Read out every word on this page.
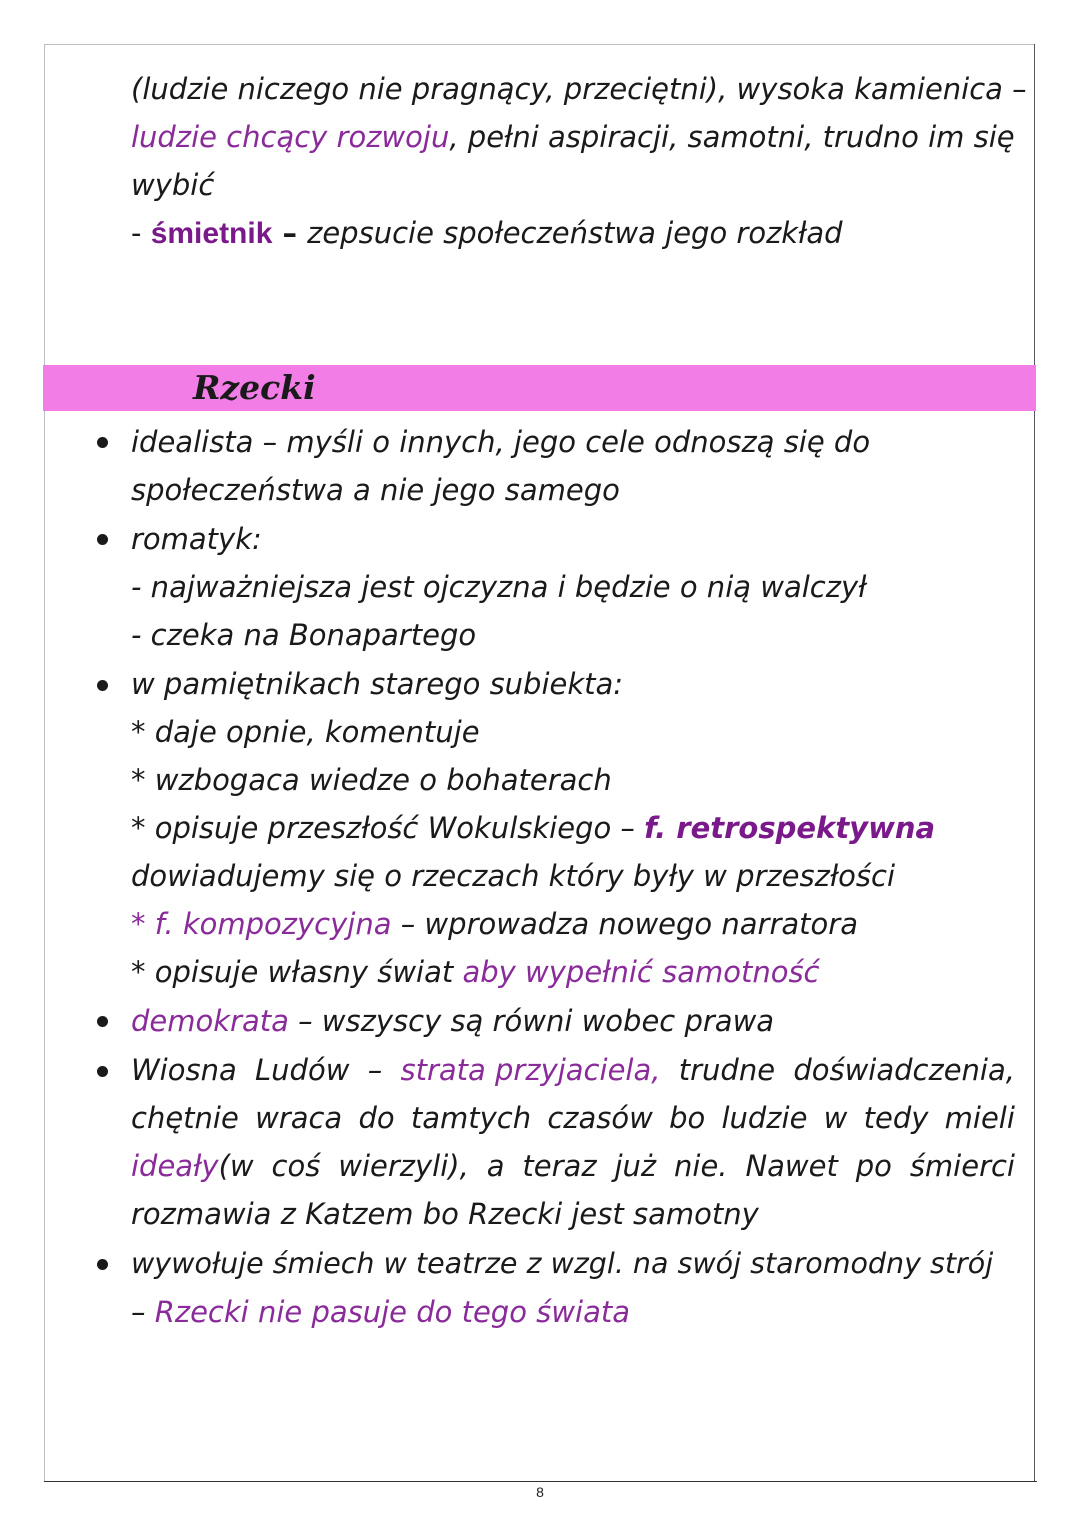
(ludzie niczego nie pragnący, przeciętni), wysoka kamienica –
ludzie chcący rozwoju, pełni aspiracji, samotni, trudno im się
wybić
- śmietnik – zepsucie społeczeństwa jego rozkład
Rzecki
idealista – myśli o innych, jego cele odnoszą się do
społeczeństwa a nie jego samego
romatyk:
- najważniejsza jest ojczyzna i będzie o nią walczył
- czeka na Bonapartego
w pamiętnikach starego subiekta:
* daje opnie, komentuje
* wzbogaca wiedze o bohaterach
* opisuje przeszłość Wokulskiego – f. retrospektywna
dowiadujemy się o rzeczach który były w przeszłości
* f. kompozycyjna – wprowadza nowego narratora
* opisuje własny świat aby wypełnić samotność
demokrata – wszyscy są równi wobec prawa
Wiosna Ludów – strata przyjaciela, trudne doświadczenia,
chętnie wraca do tamtych czasów bo ludzie w tedy mieli
ideały(w coś wierzyli), a teraz już nie. Nawet po śmierci
rozmawia z Katzem bo Rzecki jest samotny
wywołuje śmiech w teatrze z wzgl. na swój staromodny strój
– Rzecki nie pasuje do tego świata
8
